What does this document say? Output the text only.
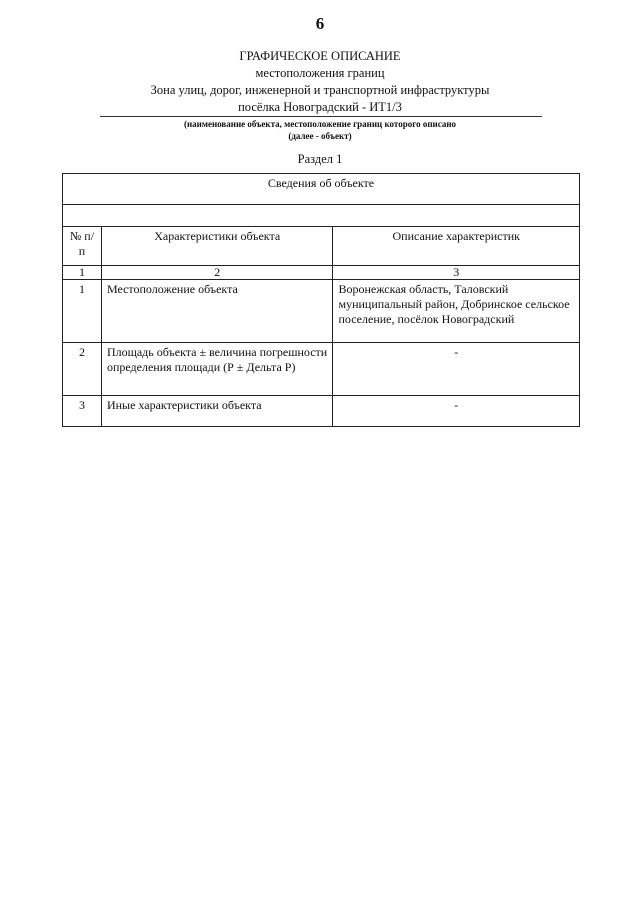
6
ГРАФИЧЕСКОЕ ОПИСАНИЕ
местоположения границ
Зона улиц, дорог, инженерной и транспортной инфраструктуры
посёлка Новоградский - ИТ1/3
(наименование объекта, местоположение границ которого описано
(далее - объект)
Раздел 1
Сведения об объекте		

№ п/п	Характеристики объекта	Описание характеристик
1	2	3
1	Местоположение объекта	Воронежская область, Таловский муниципальный район, Добринское сельское поселение, посёлок Новоградский
2	Площадь объекта ± величина погрешности определения площади (Р ± Дельта Р)	-
3	Иные характеристики объекта	-
